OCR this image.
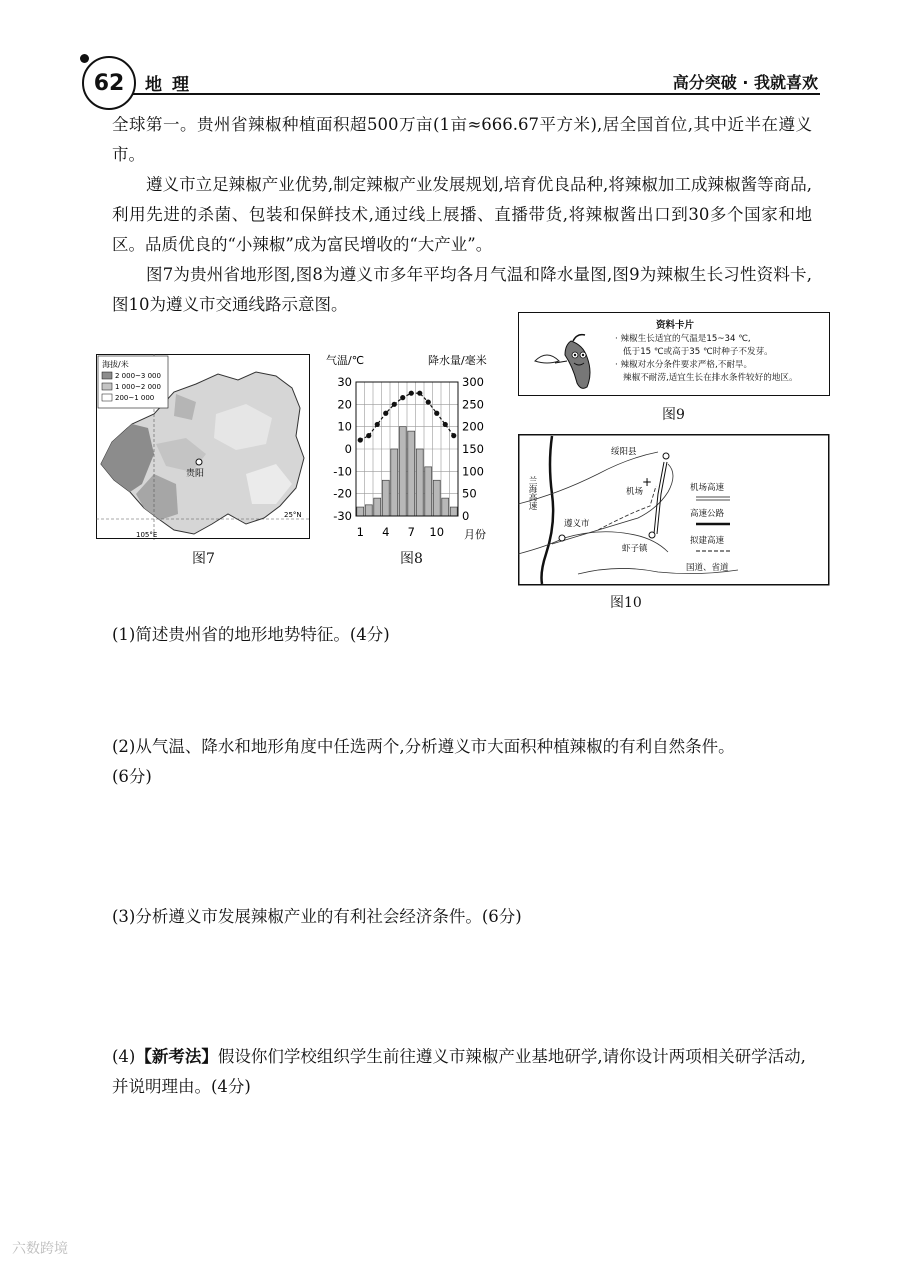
62 地理	高分突破 · 我就喜欢
全球第一。贵州省辣椒种植面积超500万亩(1亩≈666.67平方米),居全国首位,其中近半在遵义市。
遵义市立足辣椒产业优势,制定辣椒产业发展规划,培育优良品种,将辣椒加工成辣椒酱等商品,利用先进的杀菌、包装和保鲜技术,通过线上展播、直播带货,将辣椒酱出口到30多个国家和地区。品质优良的“小辣椒”成为富民增收的“大产业”。
图7为贵州省地形图,图8为遵义市多年平均各月气温和降水量图,图9为辣椒生长习性资料卡,图10为遵义市交通线路示意图。
海拔/米
2 000~3 000
1 000~2 000
200~1 000
贵阳
25°N
105°E
图7
气温/℃	降水量/毫米
30
20
10
0
-10
-20
-30
300
250
200
150
100
50
0
1 4 7 10 月份
图8
资料卡片
· 辣椒生长适宜的气温是15~34 ℃,
低于15 ℃或高于35 ℃时种子不发芽。
· 辣椒对水分条件要求严格,不耐旱。
辣椒不耐涝,适宜生长在排水条件较好的地区。
图9
兰海高速
绥阳县
+
机场
遵义市
虾子镇
机场高速
高速公路
拟建高速
国道、省道
图10
(1)简述贵州省的地形地势特征。(4分)
(2)从气温、降水和地形角度中任选两个,分析遵义市大面积种植辣椒的有利自然条件。
(6分)
(3)分析遵义市发展辣椒产业的有利社会经济条件。(6分)
(4)【新考法】假设你们学校组织学生前往遵义市辣椒产业基地研学,请你设计两项相关研学活动,并说明理由。(4分)
六数跨境
